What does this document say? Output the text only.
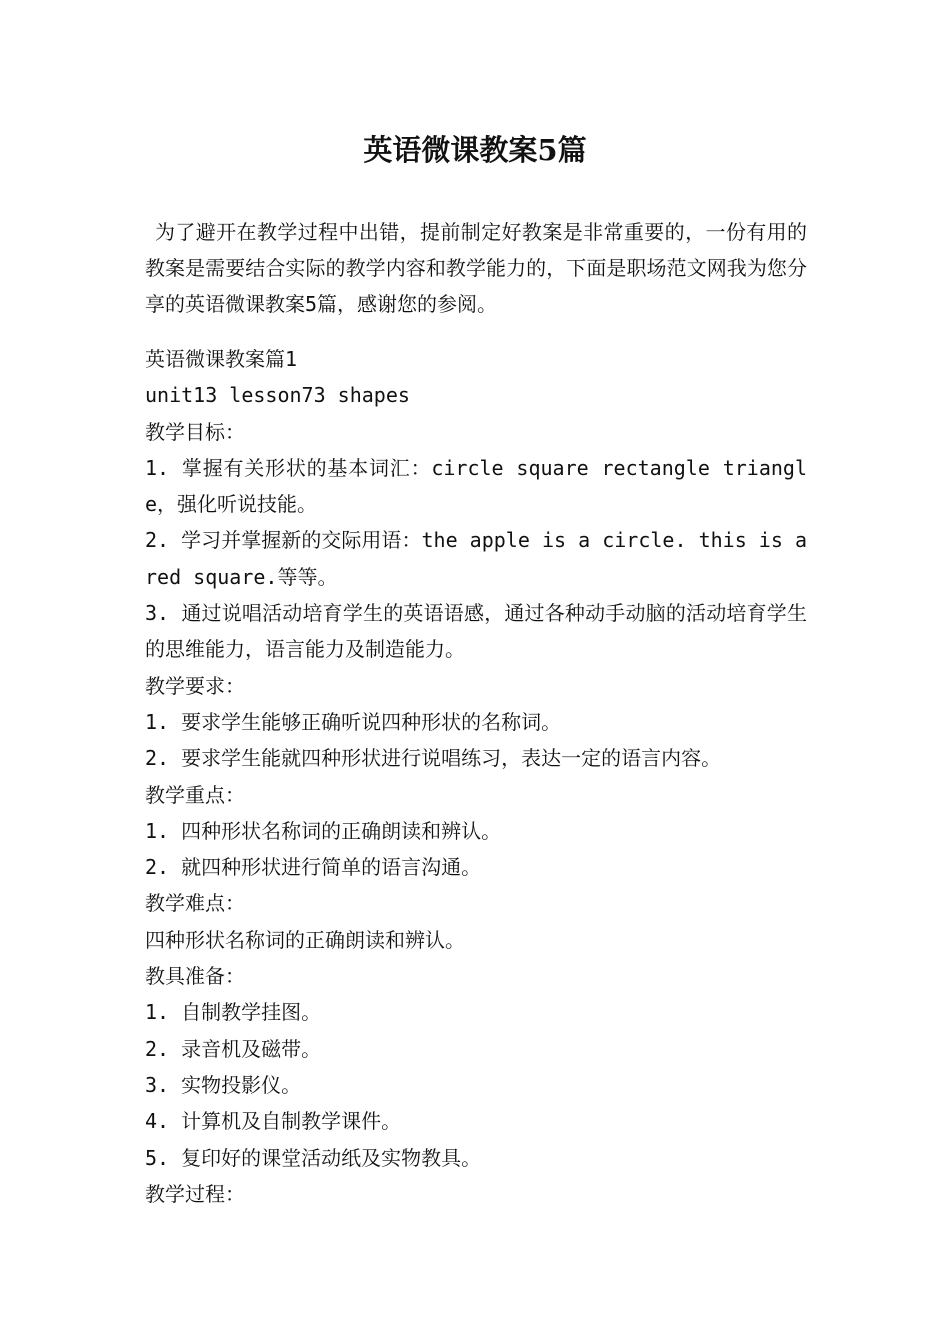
英语微课教案5篇

为了避开在教学过程中出错，提前制定好教案是非常重要的，一份有用的教案是需要结合实际的教学内容和教学能力的，下面是职场范文网我为您分享的英语微课教案5篇，感谢您的参阅。

英语微课教案篇1

unit13 lesson73 shapes

教学目标：

1. 掌握有关形状的基本词汇：circle square rectangle triangle，强化听说技能。

2. 学习并掌握新的交际用语：the apple is a circle. this is a red square.等等。

3. 通过说唱活动培育学生的英语语感，通过各种动手动脑的活动培育学生的思维能力，语言能力及制造能力。

教学要求：

1. 要求学生能够正确听说四种形状的名称词。

2. 要求学生能就四种形状进行说唱练习，表达一定的语言内容。

教学重点：

1. 四种形状名称词的正确朗读和辨认。

2. 就四种形状进行简单的语言沟通。

教学难点：

四种形状名称词的正确朗读和辨认。

教具准备：

1. 自制教学挂图。

2. 录音机及磁带。

3. 实物投影仪。

4. 计算机及自制教学课件。

5. 复印好的课堂活动纸及实物教具。

教学过程：
